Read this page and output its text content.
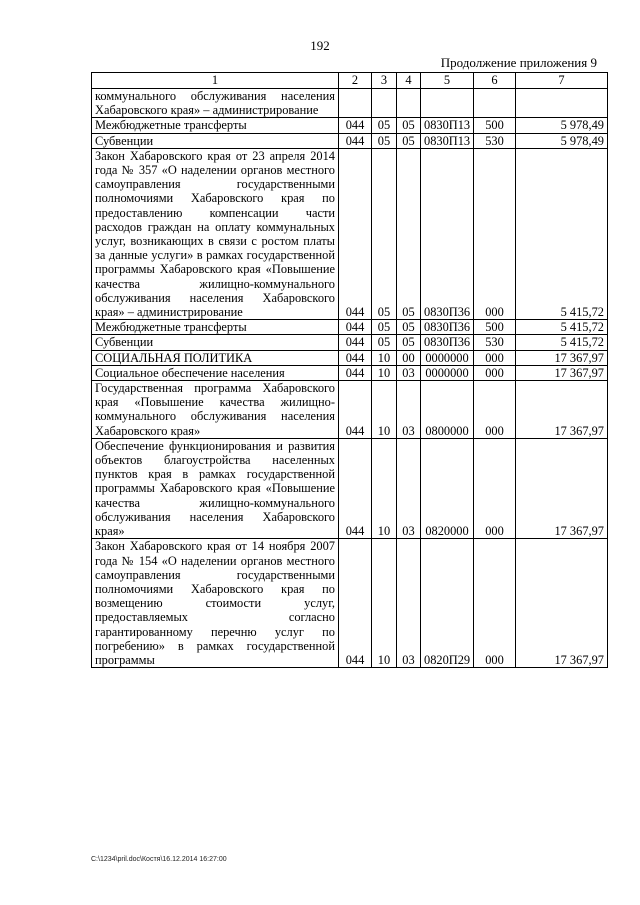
192
Продолжение приложения 9
1	2	3	4	5	6	7
коммунального обслуживания населения Хабаровского края» – администрирование						
Межбюджетные трансферты	044	05	05	0830П13	500	5 978,49
Субвенции	044	05	05	0830П13	530	5 978,49
Закон Хабаровского края от 23 апреля 2014 года № 357 «О наделении органов местного самоуправления государственными полномочиями Хабаровского края по предоставлению компенсации части расходов граждан на оплату коммунальных услуг, возникающих в связи с ростом платы за данные услуги» в рамках государственной программы Хабаровского края «Повышение качества жилищно-коммунального обслуживания населения Хабаровского края» – администрирование	044	05	05	0830П36	000	5 415,72
Межбюджетные трансферты	044	05	05	0830П36	500	5 415,72
Субвенции	044	05	05	0830П36	530	5 415,72
СОЦИАЛЬНАЯ ПОЛИТИКА	044	10	00	0000000	000	17 367,97
Социальное обеспечение населения	044	10	03	0000000	000	17 367,97
Государственная программа Хабаровского края «Повышение качества жилищно-коммунального обслуживания населения Хабаровского края»	044	10	03	0800000	000	17 367,97
Обеспечение функционирования и развития объектов благоустройства населенных пунктов края в рамках государственной программы Хабаровского края «Повышение качества жилищно-коммунального обслуживания населения Хабаровского края»	044	10	03	0820000	000	17 367,97
Закон Хабаровского края от 14 ноября 2007 года № 154 «О наделении органов местного самоуправления государственными полномочиями Хабаровского края по возмещению стоимости услуг, предоставляемых согласно гарантированному перечню услуг по погребению» в рамках государственной программы	044	10	03	0820П29	000	17 367,97
C:\1234\pril.doc\Костя\16.12.2014 16:27:00
